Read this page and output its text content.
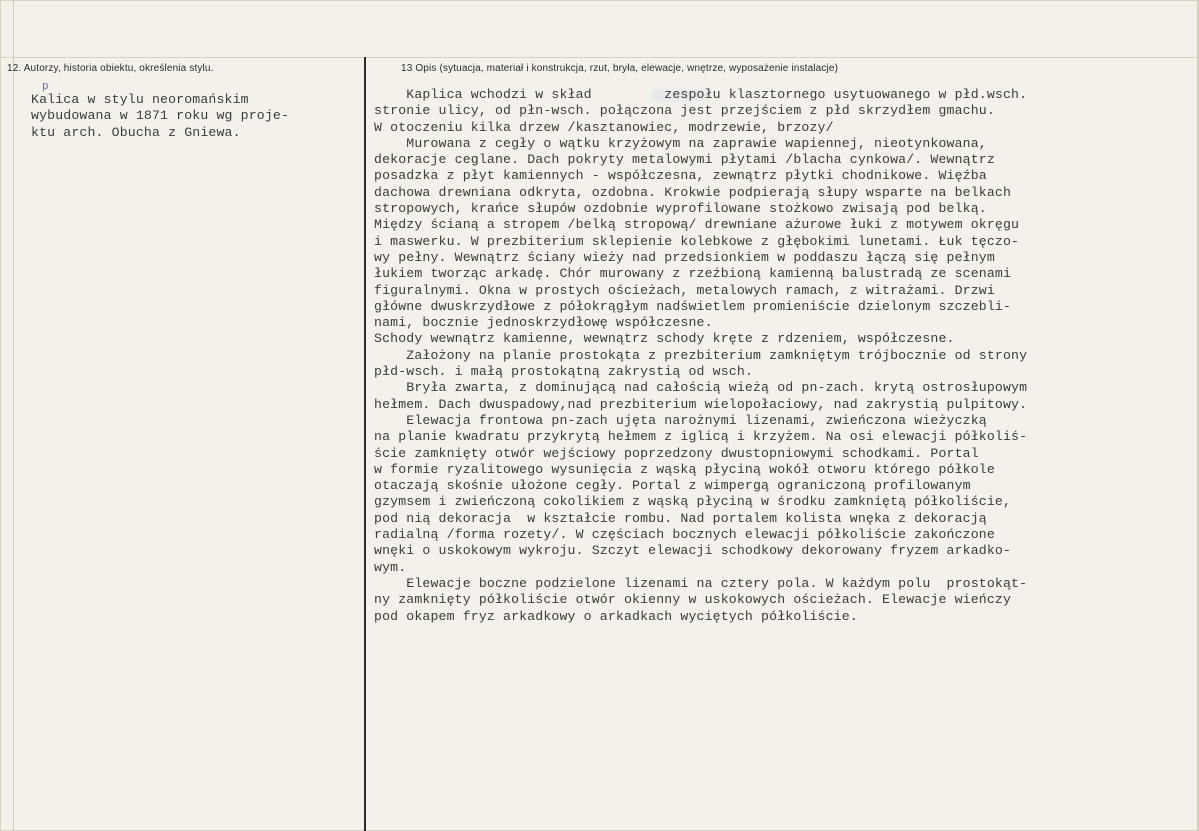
12. Autorzy, historia obiektu, określenia stylu.	13 Opis (sytuacja, materiał i konstrukcja, rzut, bryła, elewacje, wnętrze, wyposażenie instalacje)
p
Kalica w stylu neoromańskim
wybudowana w 1871 roku wg proje-
ktu arch. Obucha z Gniewa.
Kaplica wchodzi w skład         zespołu klasztornego usytuowanego w płd.wsch.
stronie ulicy, od płn-wsch. połączona jest przejściem z płd skrzydłem gmachu.
W otoczeniu kilka drzew /kasztanowiec, modrzewie, brzozy/
Murowana z cegły o wątku krzyżowym na zaprawie wapiennej, nieotynkowana,
dekoracje ceglane. Dach pokryty metalowymi płytami /blacha cynkowa/. Wewnątrz
posadzka z płyt kamiennych - współczesna, zewnątrz płytki chodnikowe. Więźba
dachowa drewniana odkryta, ozdobna. Krokwie podpierają słupy wsparte na belkach
stropowych, krańce słupów ozdobnie wyprofilowane stożkowo zwisają pod belką.
Między ścianą a stropem /belką stropową/ drewniane ażurowe łuki z motywem okręgu
i maswerku. W prezbiterium sklepienie kolebkowe z głębokimi lunetami. Łuk tęczo-
wy pełny. Wewnątrz ściany wieży nad przedsionkiem w poddaszu łączą się pełnym
łukiem tworząc arkadę. Chór murowany z rzeźbioną kamienną balustradą ze scenami
figuralnymi. Okna w prostych ościeżach, metalowych ramach, z witrażami. Drzwi
główne dwuskrzydłowe z półokrągłym nadświetlem promieniście dzielonym szczebli-
nami, bocznie jednoskrzydłowę współczesne.
Schody wewnątrz kamienne, wewnątrz schody kręte z rdzeniem, współczesne.
Założony na planie prostokąta z prezbiterium zamkniętym trójbocznie od strony
płd-wsch. i małą prostokątną zakrystią od wsch.
Bryła zwarta, z dominującą nad całością wieżą od pn-zach. krytą ostrosłupowym
hełmem. Dach dwuspadowy,nad prezbiterium wielopołaciowy, nad zakrystią pulpitowy.
Elewacja frontowa pn-zach ujęta narożnymi lizenami, zwieńczona wieżyczką
na planie kwadratu przykrytą hełmem z iglicą i krzyżem. Na osi elewacji półkoliś-
ście zamknięty otwór wejściowy poprzedzony dwustopniowymi schodkami. Portal
w formie ryzalitowego wysunięcia z wąską płyciną wokół otworu którego półkole
otaczają skośnie ułożone cegły. Portal z wimpergą ograniczoną profilowanym
gzymsem i zwieńczoną cokolikiem z wąską płyciną w środku zamkniętą półkoliście,
pod nią dekoracja  w kształcie rombu. Nad portalem kolista wnęka z dekoracją
radialną /forma rozety/. W częściach bocznych elewacji półkoliście zakończone
wnęki o uskokowym wykroju. Szczyt elewacji schodkowy dekorowany fryzem arkadko-
wym.
Elewacje boczne podzielone lizenami na cztery pola. W każdym polu  prostokąt-
ny zamknięty półkoliście otwór okienny w uskokowych ościeżach. Elewacje wieńczy
pod okapem fryz arkadkowy o arkadkach wyciętych półkoliście.
